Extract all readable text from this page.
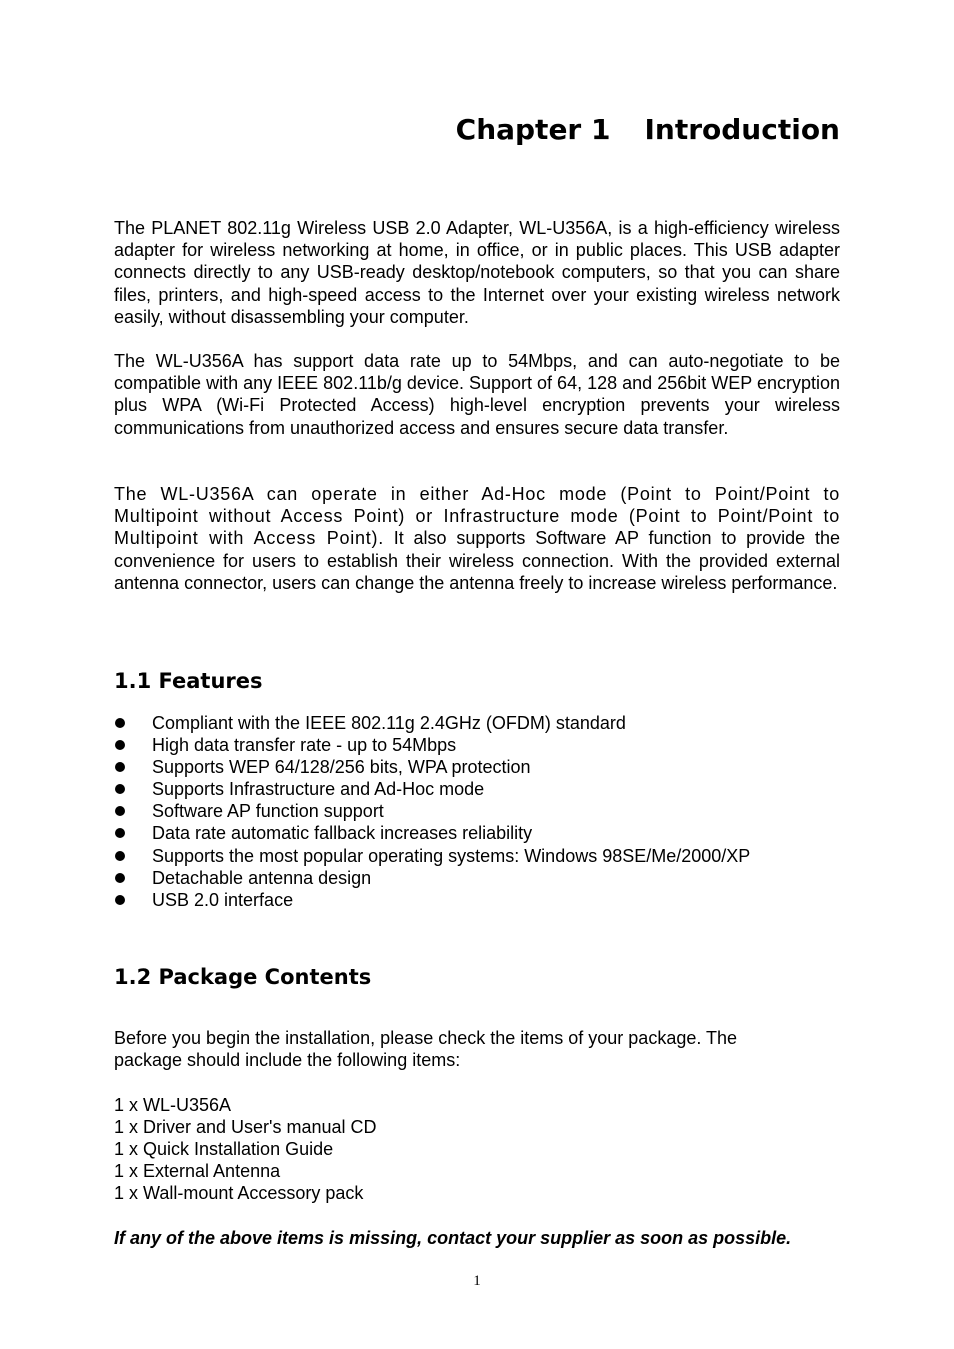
Chapter 1 Introduction

The PLANET 802.11g Wireless USB 2.0 Adapter, WL-U356A, is a high-efficiency wireless adapter for wireless networking at home, in office, or in public places. This USB adapter connects directly to any USB-ready desktop/notebook computers, so that you can share files, printers, and high-speed access to the Internet over your existing wireless network easily, without disassembling your computer.

The WL-U356A has support data rate up to 54Mbps, and can auto-negotiate to be compatible with any IEEE 802.11b/g device. Support of 64, 128 and 256bit WEP encryption plus WPA (Wi-Fi Protected Access) high-level encryption prevents your wireless communications from unauthorized access and ensures secure data transfer.

The WL-U356A can operate in either Ad-Hoc mode (Point to Point/Point to Multipoint without Access Point) or Infrastructure mode (Point to Point/Point to Multipoint with Access Point). It also supports Software AP function to provide the convenience for users to establish their wireless connection. With the provided external antenna connector, users can change the antenna freely to increase wireless performance.

1.1 Features
Compliant with the IEEE 802.11g 2.4GHz (OFDM) standard
High data transfer rate - up to 54Mbps
Supports WEP 64/128/256 bits, WPA protection
Supports Infrastructure and Ad-Hoc mode
Software AP function support
Data rate automatic fallback increases reliability
Supports the most popular operating systems: Windows 98SE/Me/2000/XP
Detachable antenna design
USB 2.0 interface
1.2 Package Contents
Before you begin the installation, please check the items of your package. The
package should include the following items:
1 x WL-U356A
1 x Driver and User's manual CD
1 x Quick Installation Guide
1 x External Antenna
1 x Wall-mount Accessory pack

If any of the above items is missing, contact your supplier as soon as possible.

1
